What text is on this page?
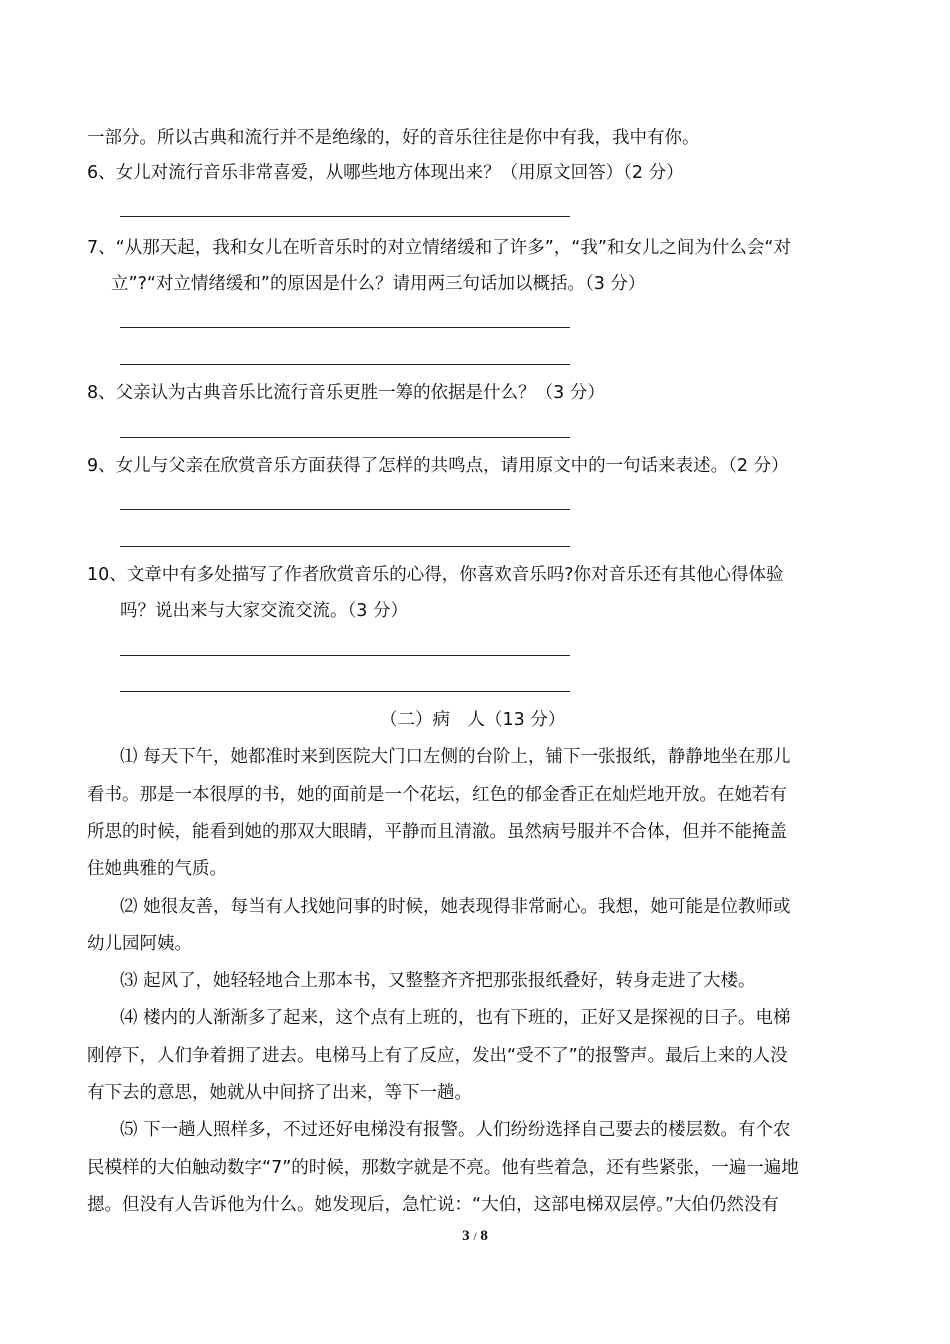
一部分。所以古典和流行并不是绝缘的，好的音乐往往是你中有我，我中有你。
6、女儿对流行音乐非常喜爱，从哪些地方体现出来？（用原文回答）（2 分）
7、“从那天起，我和女儿在听音乐时的对立情绪缓和了许多”，“我”和女儿之间为什么会“对
立”?“对立情绪缓和”的原因是什么？请用两三句话加以概括。（3 分）
8、父亲认为古典音乐比流行音乐更胜一筹的依据是什么？（3 分）
9、女儿与父亲在欣赏音乐方面获得了怎样的共鸣点，请用原文中的一句话来表述。（2 分）
10、文章中有多处描写了作者欣赏音乐的心得，你喜欢音乐吗?你对音乐还有其他心得体验
吗？说出来与大家交流交流。（3 分）
（二）病　人（13 分）
⑴ 每天下午，她都准时来到医院大门口左侧的台阶上，铺下一张报纸，静静地坐在那儿
看书。那是一本很厚的书，她的面前是一个花坛，红色的郁金香正在灿烂地开放。在她若有
所思的时候，能看到她的那双大眼睛，平静而且清澈。虽然病号服并不合体，但并不能掩盖
住她典雅的气质。
⑵ 她很友善，每当有人找她问事的时候，她表现得非常耐心。我想，她可能是位教师或
幼儿园阿姨。
⑶ 起风了，她轻轻地合上那本书，又整整齐齐把那张报纸叠好，转身走进了大楼。
⑷ 楼内的人渐渐多了起来，这个点有上班的，也有下班的，正好又是探视的日子。电梯
刚停下，人们争着拥了进去。电梯马上有了反应，发出“受不了”的报警声。最后上来的人没
有下去的意思，她就从中间挤了出来，等下一趟。
⑸ 下一趟人照样多，不过还好电梯没有报警。人们纷纷选择自己要去的楼层数。有个农
民模样的大伯触动数字“7”的时候，那数字就是不亮。他有些着急，还有些紧张，一遍一遍地
摁。但没有人告诉他为什么。她发现后，急忙说：“大伯，这部电梯双层停。”大伯仍然没有
3 / 8
